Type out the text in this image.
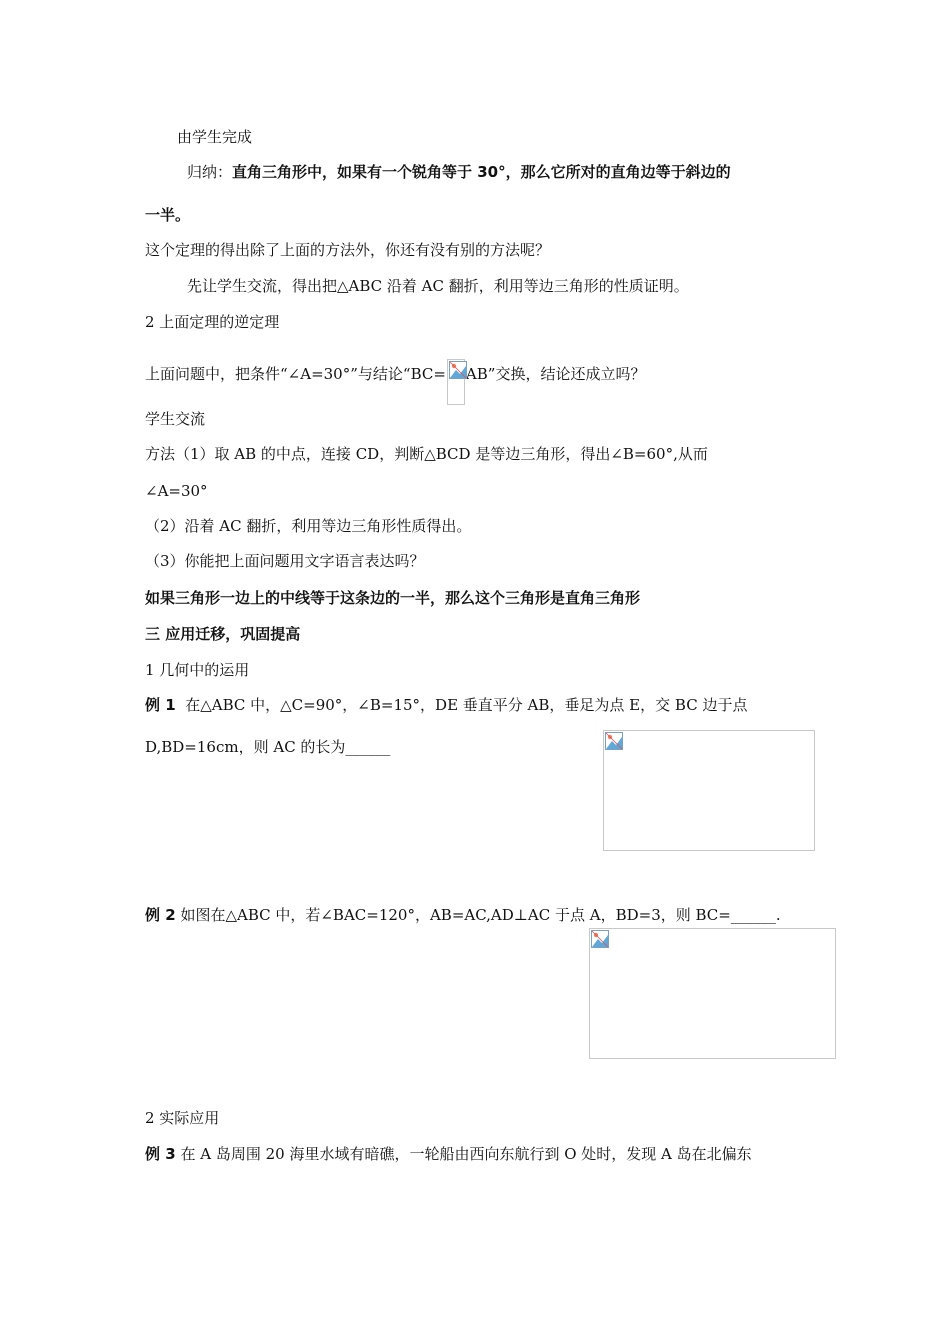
由学生完成
归纳：直角三角形中，如果有一个锐角等于 30°，那么它所对的直角边等于斜边的
一半。
这个定理的得出除了上面的方法外，你还有没有别的方法呢？
先让学生交流，得出把△ABC 沿着 AC 翻折，利用等边三角形的性质证明。
2 上面定理的逆定理
上面问题中，把条件“∠A=30°”与结论“BC= AB”交换，结论还成立吗？
学生交流
方法（1）取 AB 的中点，连接 CD，判断△BCD 是等边三角形，得出∠B=60°,从而
∠A=30°
（2）沿着 AC 翻折，利用等边三角形性质得出。
（3）你能把上面问题用文字语言表达吗？
如果三角形一边上的中线等于这条边的一半，那么这个三角形是直角三角形
三 应用迁移，巩固提高
1 几何中的运用
例 1 在△ABC 中，△C=90°，∠B=15°，DE 垂直平分 AB，垂足为点 E，交 BC 边于点
D,BD=16cm，则 AC 的长为______
例 2 如图在△ABC 中，若∠BAC=120°，AB=AC,AD⊥AC 于点 A，BD=3，则 BC=______.
2 实际应用
例 3 在 A 岛周围 20 海里水域有暗礁，一轮船由西向东航行到 O 处时，发现 A 岛在北偏东
